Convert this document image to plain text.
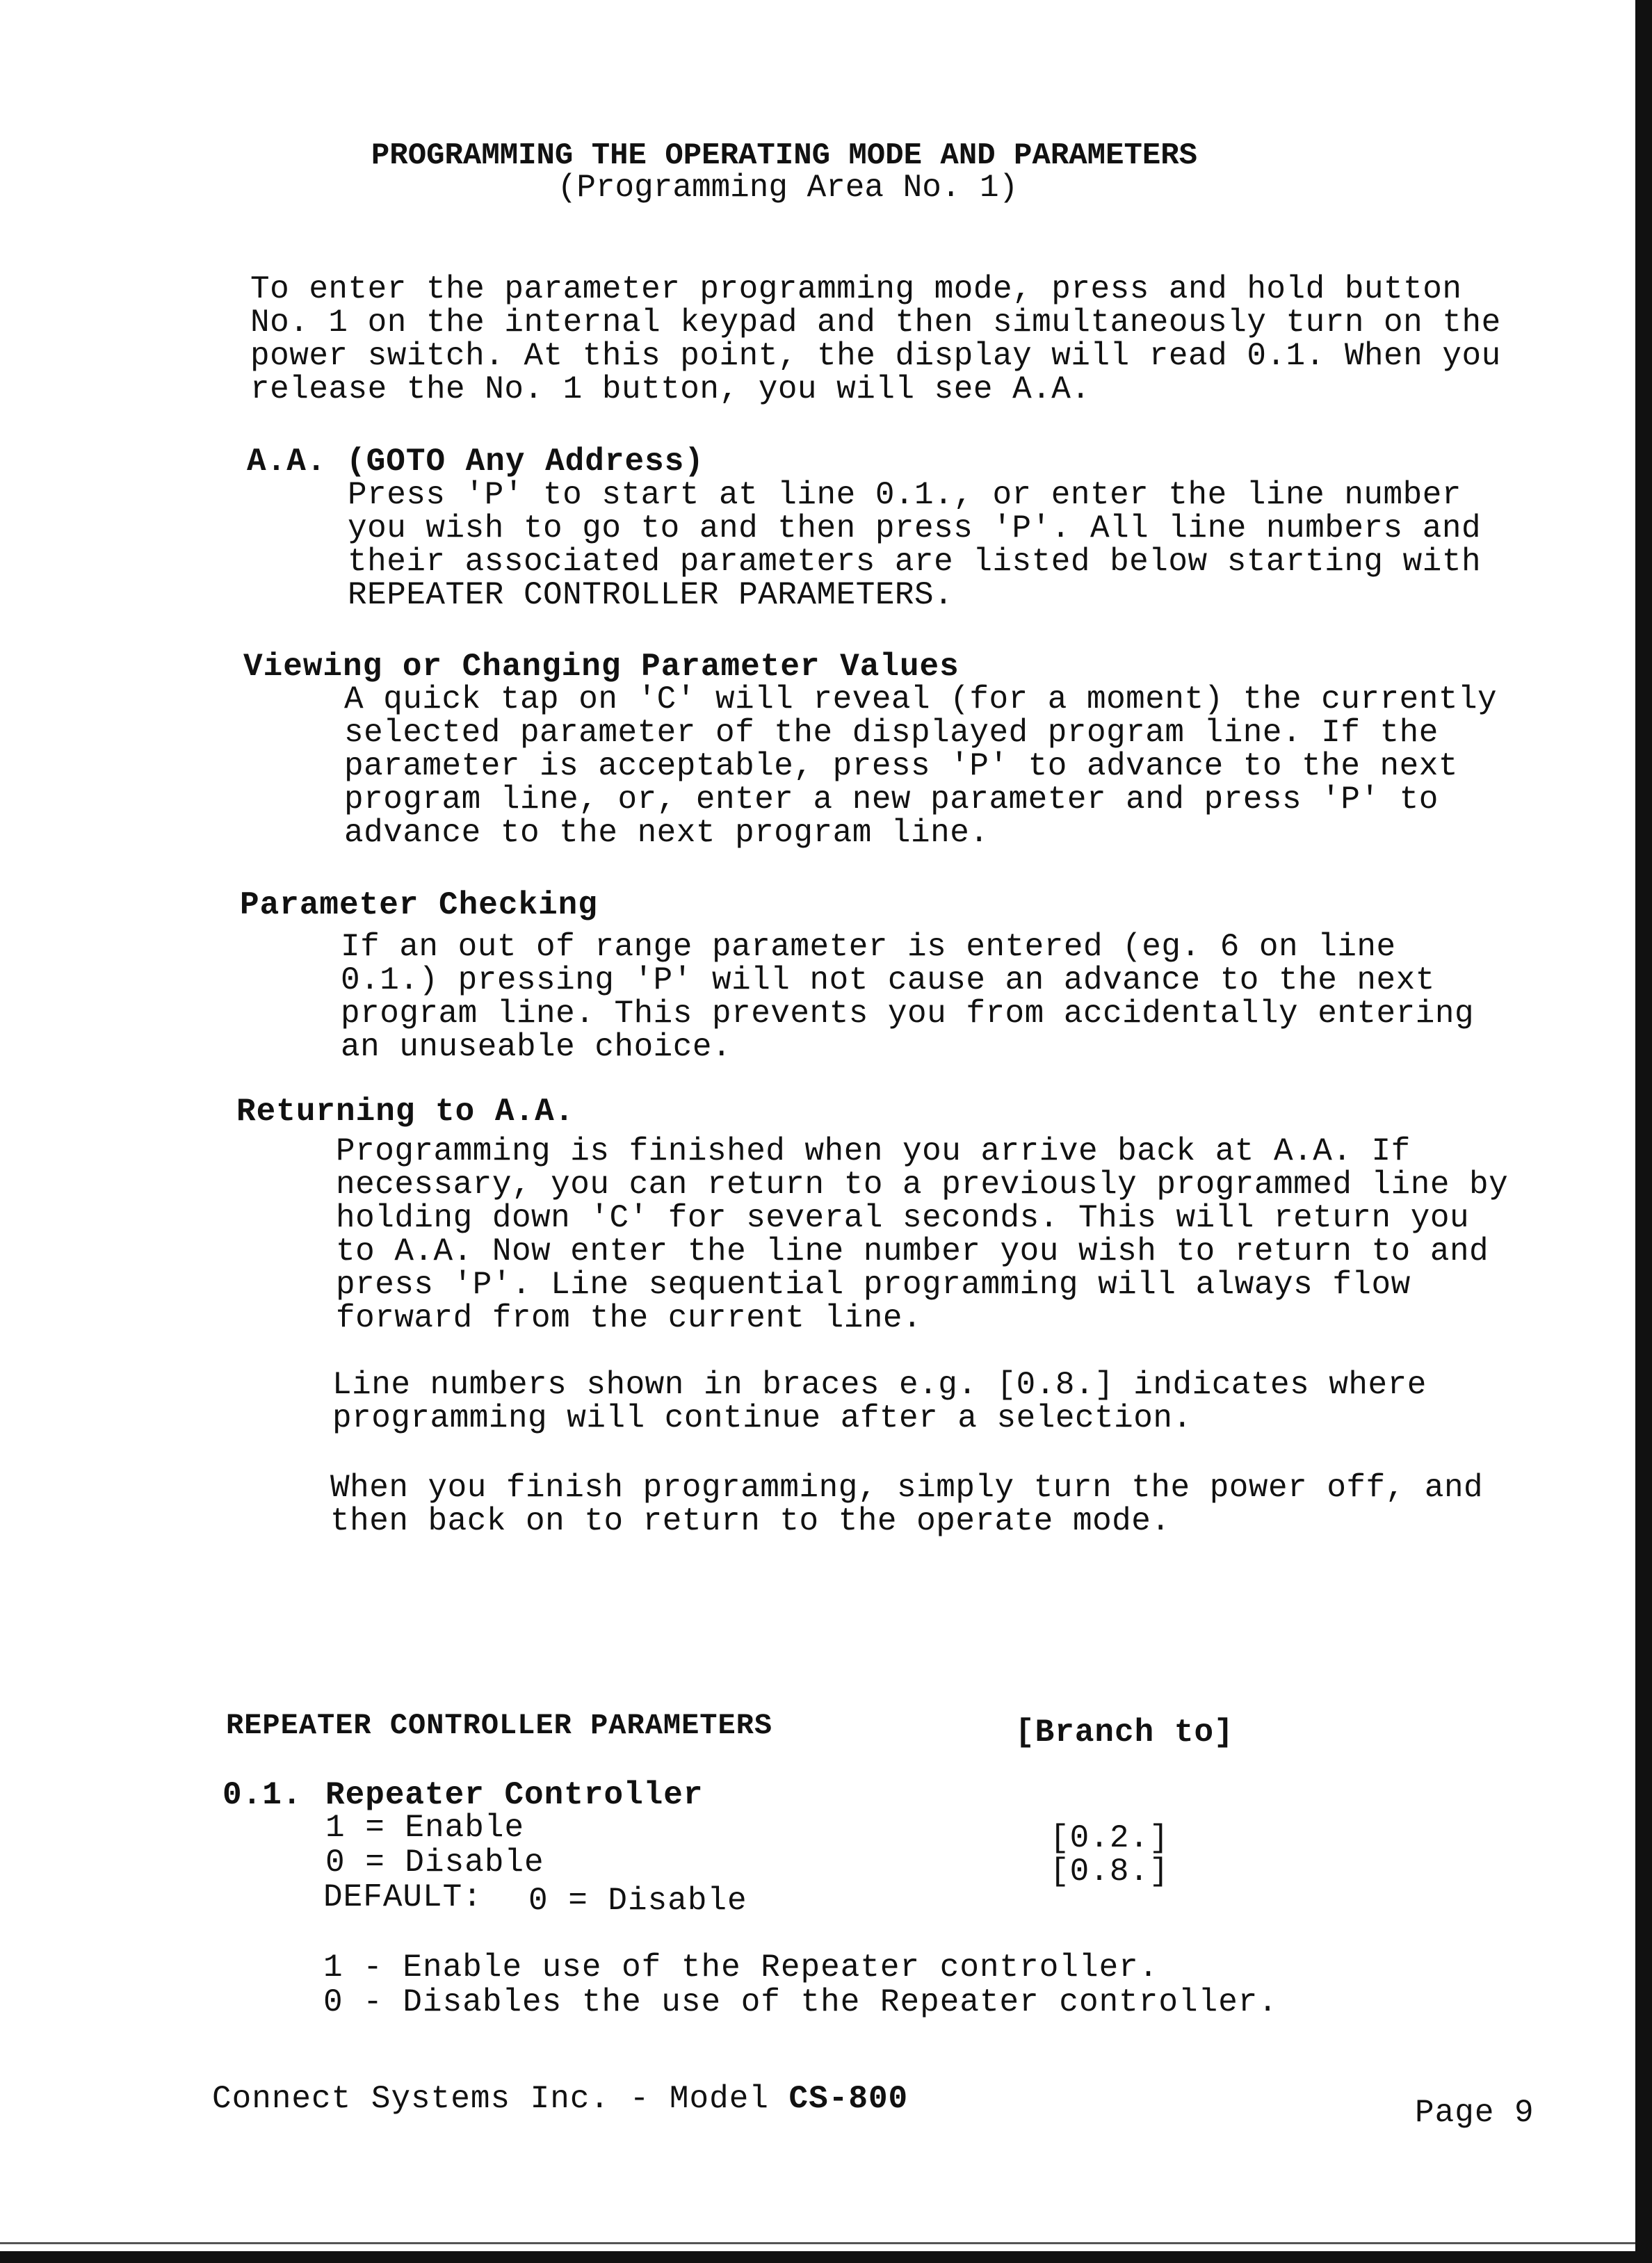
PROGRAMMING THE OPERATING MODE AND PARAMETERS
(Programming Area No. 1)
To enter the parameter programming mode, press and hold button
No. 1 on the internal keypad and then simultaneously turn on the
power switch. At this point, the display will read 0.1. When you
release the No. 1 button, you will see A.A.
A.A. (GOTO Any Address)
Press 'P' to start at line 0.1., or enter the line number
you wish to go to and then press 'P'. All line numbers and
their associated parameters are listed below starting with
REPEATER CONTROLLER PARAMETERS.
Viewing or Changing Parameter Values
A quick tap on 'C' will reveal (for a moment) the currently
selected parameter of the displayed program line. If the
parameter is acceptable, press 'P' to advance to the next
program line, or, enter a new parameter and press 'P' to
advance to the next program line.
Parameter Checking
If an out of range parameter is entered (eg. 6 on line
0.1.) pressing 'P' will not cause an advance to the next
program line. This prevents you from accidentally entering
an unuseable choice.
Returning to A.A.
Programming is finished when you arrive back at A.A. If
necessary, you can return to a previously programmed line by
holding down 'C' for several seconds. This will return you
to A.A. Now enter the line number you wish to return to and
press 'P'. Line sequential programming will always flow
forward from the current line.
Line numbers shown in braces e.g. [0.8.] indicates where
programming will continue after a selection.
When you finish programming, simply turn the power off, and
then back on to return to the operate mode.
REPEATER CONTROLLER PARAMETERS	[Branch to]
0.1. Repeater Controller
1 = Enable	[0.2.]
0 = Disable	[0.8.]
DEFAULT: 0 = Disable
1 - Enable use of the Repeater controller.
0 - Disables the use of the Repeater controller.
Connect Systems Inc. - Model CS-800	Page 9
